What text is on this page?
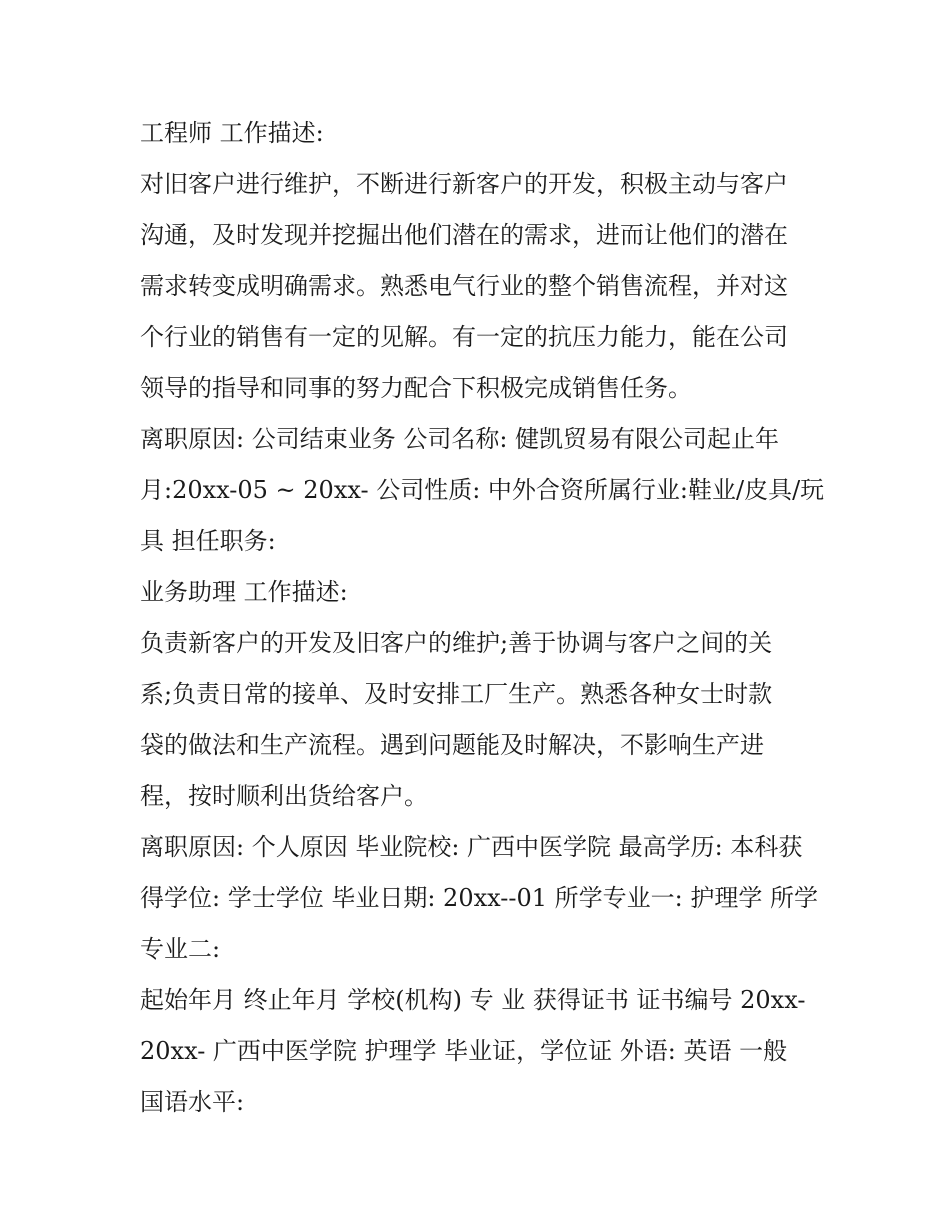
工程师 工作描述:
对旧客户进行维护，不断进行新客户的开发，积极主动与客户
沟通，及时发现并挖掘出他们潜在的需求，进而让他们的潜在
需求转变成明确需求。熟悉电气行业的整个销售流程，并对这
个行业的销售有一定的见解。有一定的抗压力能力，能在公司
领导的指导和同事的努力配合下积极完成销售任务。
离职原因: 公司结束业务 公司名称: 健凯贸易有限公司起止年
月:20xx-05 ~ 20xx- 公司性质: 中外合资所属行业:鞋业/皮具/玩
具 担任职务:
业务助理 工作描述:
负责新客户的开发及旧客户的维护;善于协调与客户之间的关
系;负责日常的接单、及时安排工厂生产。熟悉各种女士时款
袋的做法和生产流程。遇到问题能及时解决，不影响生产进
程，按时顺利出货给客户。
离职原因: 个人原因 毕业院校: 广西中医学院 最高学历: 本科获
得学位: 学士学位 毕业日期: 20xx--01 所学专业一: 护理学 所学
专业二:
起始年月 终止年月 学校(机构) 专 业 获得证书 证书编号 20xx-
20xx- 广西中医学院 护理学 毕业证，学位证 外语: 英语 一般
国语水平:
